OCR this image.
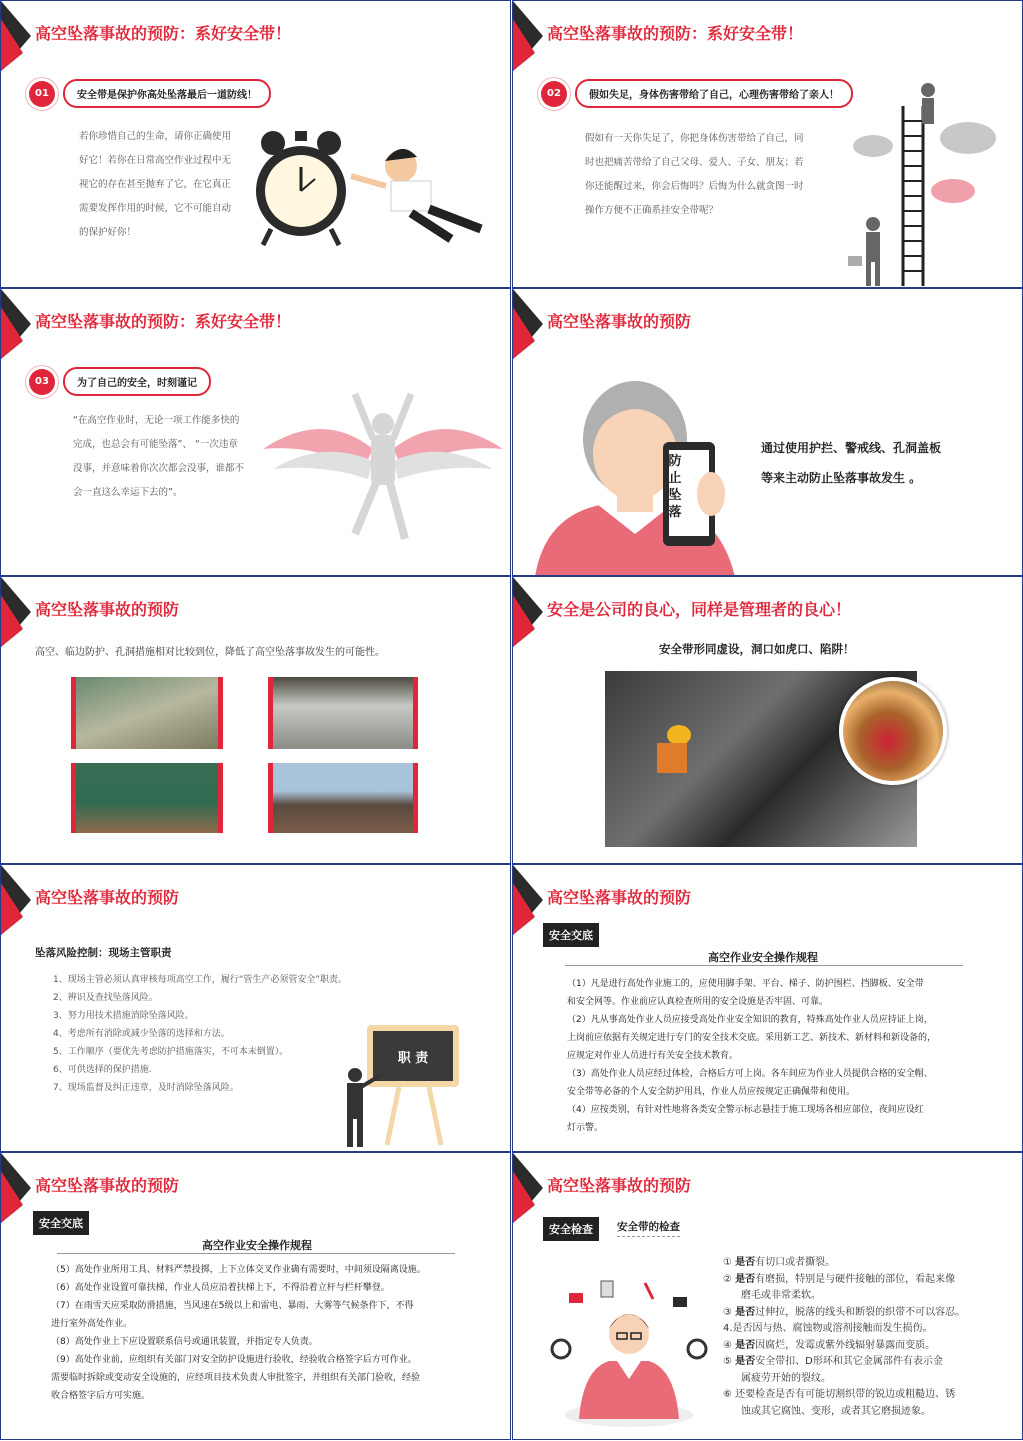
高空坠落事故的预防：系好安全带！
01	安全带是保护你高处坠落最后一道防线！
若你珍惜自己的生命，请你正确使用
好它！若你在日常高空作业过程中无
视它的存在甚至抛弃了它，在它真正
需要发挥作用的时候，它不可能自动
的保护好你！
高空坠落事故的预防：系好安全带！
02	假如失足，身体伤害带给了自己，心理伤害带给了亲人！
假如有一天你失足了，你把身体伤害带给了自己，同
时也把痛苦带给了自己父母、爱人、子女、朋友；若
你还能醒过来，你会后悔吗？后悔为什么就贪图一时
操作方便不正确系挂安全带呢？
高空坠落事故的预防：系好安全带！
03	为了自己的安全，时刻谨记
“在高空作业时，无论一项工作能多快的
完成，也总会有可能坠落”、 “一次违章
没事，并意味着你次次都会没事，谁都不
会一直这么幸运下去的”。
高空坠落事故的预防
防
止
坠
落
通过使用护拦、警戒线、孔洞盖板
等来主动防止坠落事故发生 。
高空坠落事故的预防
高空、临边防护、孔洞措施相对比较到位，降低了高空坠落事故发生的可能性。
安全是公司的良心，同样是管理者的良心！
安全带形同虚设，洞口如虎口、陷阱！
高空坠落事故的预防
坠落风险控制：现场主管职责
1、现场主管必须认真审核每项高空工作，履行“管生产必须管安全”职责。
2、辨识及查找坠落风险。
3、努力用技术措施消除坠落风险。
4、考虑所有消除或减少坠落的选择和方法。
5、工作顺序（要优先考虑防护措施落实，不可本末倒置）。
6、可供选择的保护措施.
7、现场监督及纠正违章，及时消除坠落风险。
职 责
高空坠落事故的预防
安全交底
高空作业安全操作规程
（1）凡是进行高处作业施工的，应使用脚手架、平台、梯子、防护围栏、挡脚板、安全带
和安全网等。作业前应认真检查所用的安全设施是否牢固、可靠。
（2）凡从事高处作业人员应接受高处作业安全知识的教育，特殊高处作业人员应持证上岗，
上岗前应依据有关规定进行专门的安全技术交底。采用新工艺、新技术、新材料和新设备的，
应规定对作业人员进行有关安全技术教育。
（3）高处作业人员应经过体检，合格后方可上岗。各车间应为作业人员提供合格的安全帽、
安全带等必备的个人安全防护用具，作业人员应按规定正确佩带和使用。
（4）应按类别，有针对性地将各类安全警示标志悬挂于施工现场各相应部位，夜间应设红
灯示警。
高空坠落事故的预防
安全交底
高空作业安全操作规程
（5）高处作业所用工具、材料严禁投掷，上下立体交叉作业确有需要时，中间须设隔离设施。
（6）高处作业设置可靠扶梯，作业人员应沿着扶梯上下，不得沿着立杆与栏杆攀登。
（7）在雨雪天应采取防滑措施，当风速在5级以上和雷电、暴雨、大雾等气候条件下，不得
进行室外高处作业。
（8）高处作业上下应设置联系信号或通讯装置，并指定专人负责。
（9）高处作业前，应组织有关部门对安全防护设施进行验收，经验收合格签字后方可作业。
需要临时拆除或变动安全设施的，应经项目技术负责人审批签字，并组织有关部门验收，经验
收合格签字后方可实施。
高空坠落事故的预防
安全检查	安全带的检查
① 是否有切口或者撕裂。
② 是否有磨损，特别是与硬件接触的部位，看起来像
磨毛或非常柔软。
③ 是否过伸拉，脱落的线头和断裂的织带不可以容忍。
4.是否因与热、腐蚀物或溶剂接触而发生损伤。
④ 是否因腐烂，发霉或紫外线辐射暴露而变质。
⑤ 是否安全带扣、D形环和其它金属部件有表示金
属疲劳开始的裂纹。
⑥ 还要检查是否有可能切割织带的锐边或粗糙边、锈
蚀或其它腐蚀、变形，或者其它磨损迹象。
